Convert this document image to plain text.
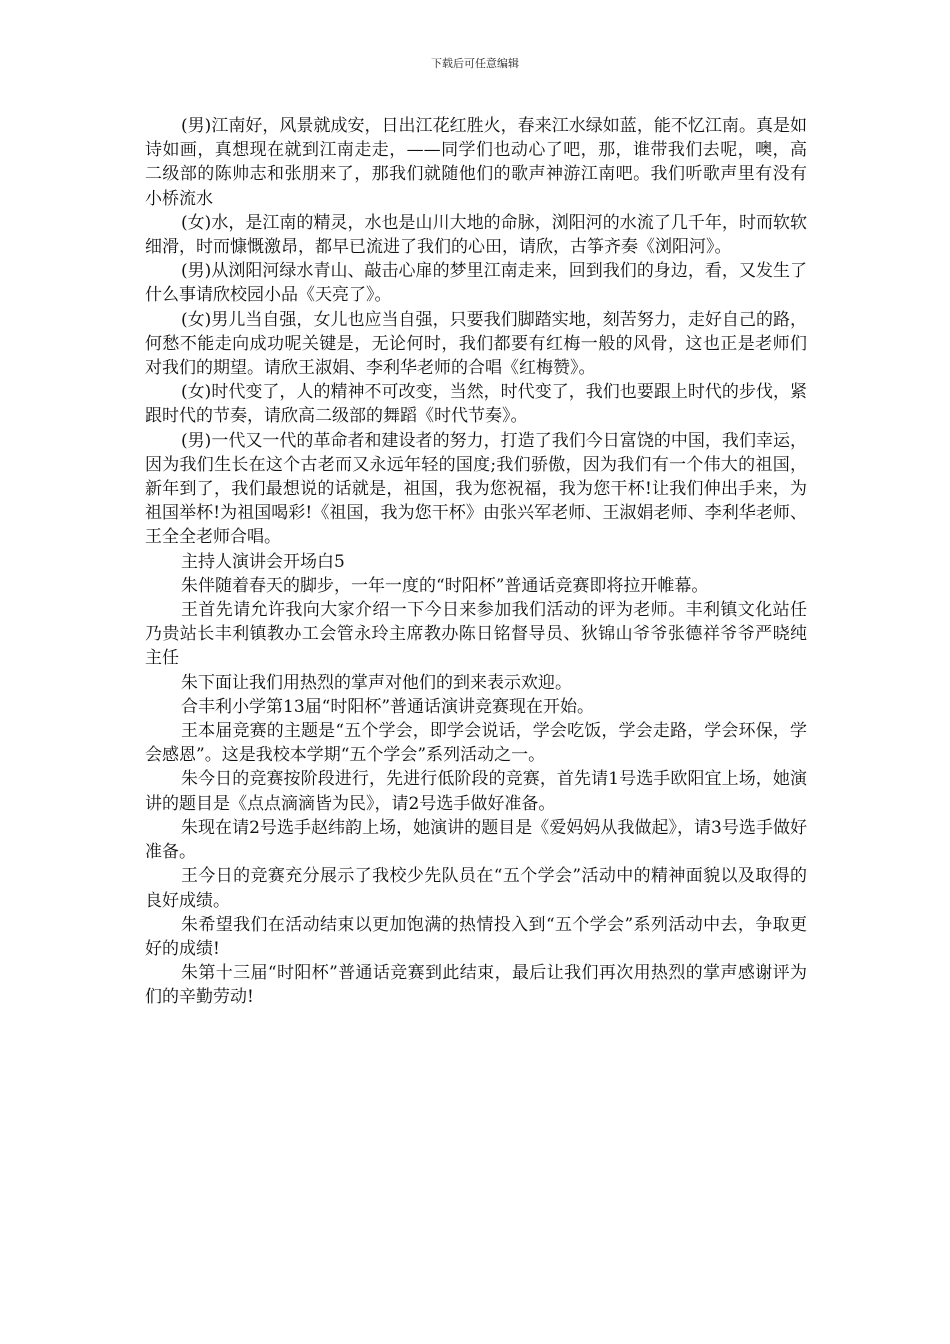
下载后可任意编辑

(男)江南好，风景就成安，日出江花红胜火，春来江水绿如蓝，能不忆江南。真是如诗如画，真想现在就到江南走走，——同学们也动心了吧，那，谁带我们去呢，噢，高二级部的陈帅志和张朋来了，那我们就随他们的歌声神游江南吧。我们听歌声里有没有小桥流水

(女)水，是江南的精灵，水也是山川大地的命脉，浏阳河的水流了几千年，时而软软细滑，时而慷慨激昂，都早已流进了我们的心田，请欣，古筝齐奏《浏阳河》。

(男)从浏阳河绿水青山、敲击心扉的梦里江南走来，回到我们的身边，看，又发生了什么事请欣校园小品《天亮了》。

(女)男儿当自强，女儿也应当自强，只要我们脚踏实地，刻苦努力，走好自己的路，何愁不能走向成功呢关键是，无论何时，我们都要有红梅一般的风骨，这也正是老师们对我们的期望。请欣王淑娟、李利华老师的合唱《红梅赞》。

(女)时代变了，人的精神不可改变，当然，时代变了，我们也要跟上时代的步伐，紧跟时代的节奏，请欣高二级部的舞蹈《时代节奏》。

(男)一代又一代的革命者和建设者的努力，打造了我们今日富饶的中国，我们幸运，因为我们生长在这个古老而又永远年轻的国度;我们骄傲，因为我们有一个伟大的祖国，新年到了，我们最想说的话就是，祖国，我为您祝福，我为您干杯!让我们伸出手来，为祖国举杯!为祖国喝彩!《祖国，我为您干杯》由张兴军老师、王淑娟老师、李利华老师、王全全老师合唱。

主持人演讲会开场白5

朱伴随着春天的脚步，一年一度的“时阳杯”普通话竞赛即将拉开帷幕。

王首先请允许我向大家介绍一下今日来参加我们活动的评为老师。丰利镇文化站任乃贵站长丰利镇教办工会管永玲主席教办陈日铭督导员、狄锦山爷爷张德祥爷爷严晓纯主任

朱下面让我们用热烈的掌声对他们的到来表示欢迎。

合丰利小学第13届“时阳杯”普通话演讲竞赛现在开始。

王本届竞赛的主题是“五个学会，即学会说话，学会吃饭，学会走路，学会环保，学会感恩”。这是我校本学期“五个学会”系列活动之一。

朱今日的竞赛按阶段进行，先进行低阶段的竞赛，首先请1号选手欧阳宜上场，她演讲的题目是《点点滴滴皆为民》，请2号选手做好准备。

朱现在请2号选手赵纬韵上场，她演讲的题目是《爱妈妈从我做起》，请3号选手做好准备。

王今日的竞赛充分展示了我校少先队员在“五个学会”活动中的精神面貌以及取得的良好成绩。

朱希望我们在活动结束以更加饱满的热情投入到“五个学会”系列活动中去，争取更好的成绩!

朱第十三届“时阳杯”普通话竞赛到此结束，最后让我们再次用热烈的掌声感谢评为们的辛勤劳动!
